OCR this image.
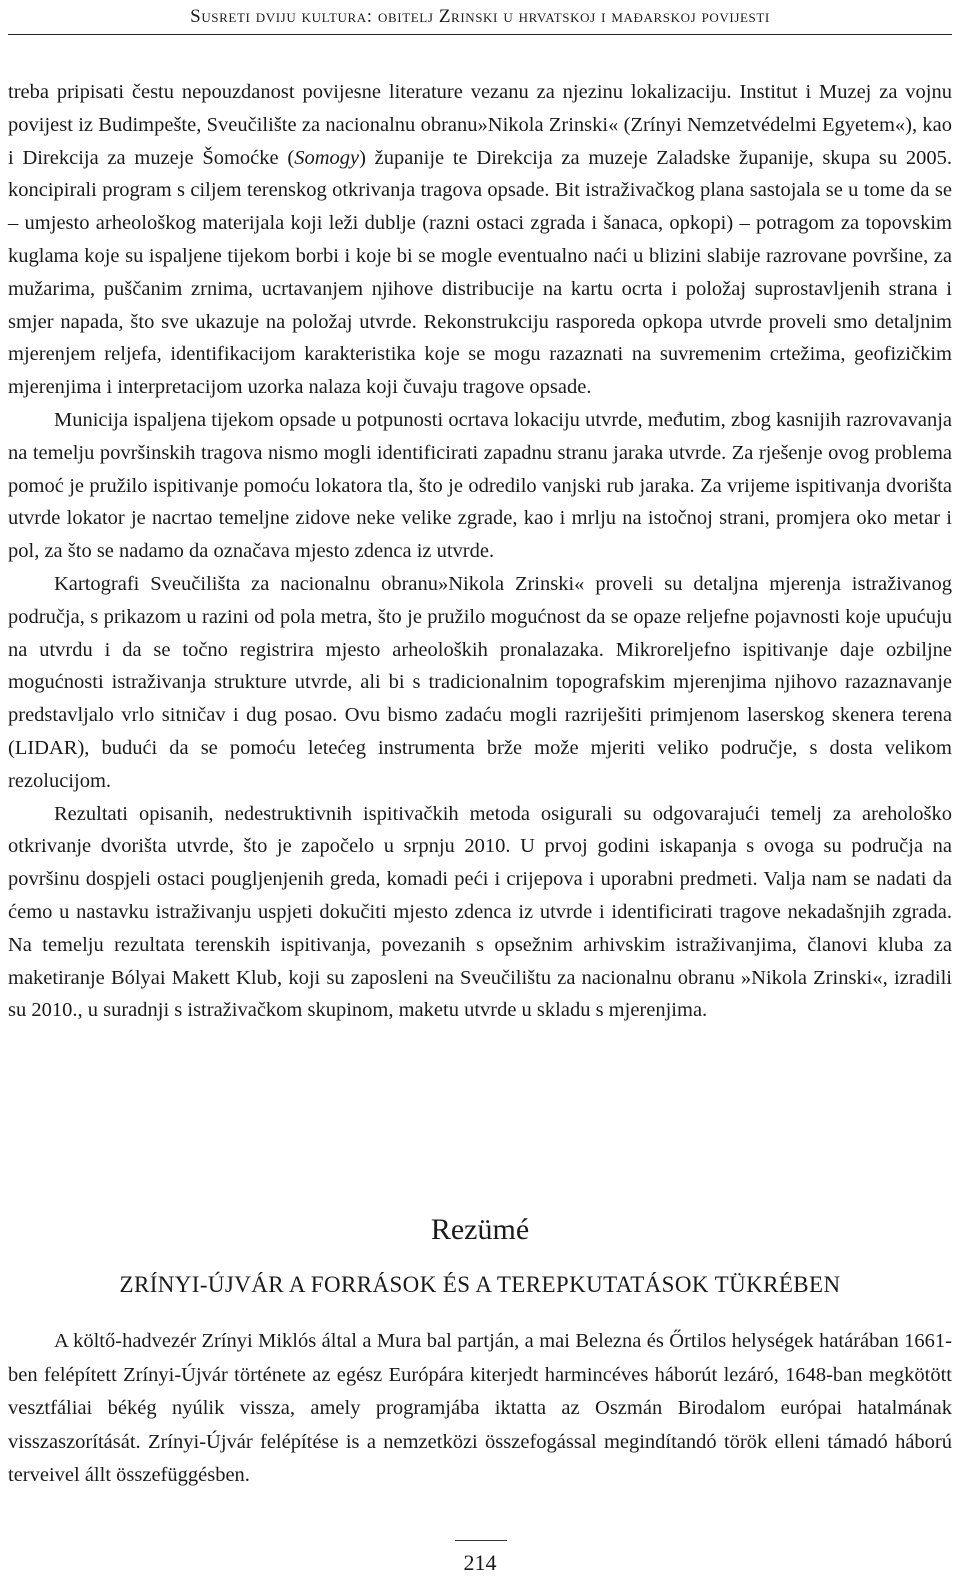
Susreti dviju kultura: obitelj Zrinski u hrvatskoj i mađarskoj povijesti

treba pripisati čestu nepouzdanost povijesne literature vezanu za njezinu lokalizaciju. Institut i Muzej za vojnu povijest iz Budimpešte, Sveučilište za nacionalnu obranu»Nikola Zrinski« (Zrínyi Nemzetvédelmi Egyetem«), kao i Direkcija za muzeje Šomoćke (Somogy) županije te Direkcija za muzeje Zaladske županije, skupa su 2005. koncipirali program s ciljem terenskog otkrivanja tragova opsade. Bit istraživačkog plana sastojala se u tome da se – umjesto arheološkog materijala koji leži dublje (razni ostaci zgrada i šanaca, opkopi) – potragom za topovskim kuglama koje su ispaljene tijekom borbi i koje bi se mogle eventualno naći u blizini slabije razrovane površine, za mužarima, puščanim zrnima, ucrtavanjem njihove distribucije na kartu ocrta i položaj suprostavljenih strana i smjer napada, što sve ukazuje na položaj utvrde. Rekonstrukciju rasporeda opkopa utvrde proveli smo detaljnim mjerenjem reljefa, identifikacijom karakteristika koje se mogu razaznati na suvremenim crtežima, geofizičkim mjerenjima i interpretacijom uzorka nalaza koji čuvaju tragove opsade.

Municija ispaljena tijekom opsade u potpunosti ocrtava lokaciju utvrde, međutim, zbog kasnijih razrovavanja na temelju površinskih tragova nismo mogli identificirati zapadnu stranu jaraka utvrde. Za rješenje ovog problema pomoć je pružilo ispitivanje pomoću lokatora tla, što je odredilo vanjski rub jaraka. Za vrijeme ispitivanja dvorišta utvrde lokator je nacrtao temeljne zidove neke velike zgrade, kao i mrlju na istočnoj strani, promjera oko metar i pol, za što se nadamo da označava mjesto zdenca iz utvrde.

Kartografi Sveučilišta za nacionalnu obranu»Nikola Zrinski« proveli su detaljna mjerenja istraživanog područja, s prikazom u razini od pola metra, što je pružilo mogućnost da se opaze reljefne pojavnosti koje upućuju na utvrdu i da se točno registrira mjesto arheoloških pronalazaka. Mikroreljefno ispitivanje daje ozbiljne mogućnosti istraživanja strukture utvrde, ali bi s tradicionalnim topografskim mjerenjima njihovo razaznavanje predstavljalo vrlo sitničav i dug posao. Ovu bismo zadaću mogli razriješiti primjenom laserskog skenera terena (LIDAR), budući da se pomoću letećeg instrumenta brže može mjeriti veliko područje, s dosta velikom rezolucijom.

Rezultati opisanih, nedestruktivnih ispitivačkih metoda osigurali su odgovarajući temelj za arehološko otkrivanje dvorišta utvrde, što je započelo u srpnju 2010. U prvoj godini iskapanja s ovoga su područja na površinu dospjeli ostaci pougljenjenih greda, komadi peći i crijepova i uporabni predmeti. Valja nam se nadati da ćemo u nastavku istraživanju uspjeti dokučiti mjesto zdenca iz utvrde i identificirati tragove nekadašnjih zgrada. Na temelju rezultata terenskih ispitivanja, povezanih s opsežnim arhivskim istraživanjima, članovi kluba za maketiranje Bólyai Makett Klub, koji su zaposleni na Sveučilištu za nacionalnu obranu »Nikola Zrinski«, izradili su 2010., u suradnji s istraživačkom skupinom, maketu utvrde u skladu s mjerenjima.

Rezümé
ZRÍNYI-ÚJVÁR A FORRÁSOK ÉS A TEREPKUTATÁSOK TÜKRÉBEN

A költő-hadvezér Zrínyi Miklós által a Mura bal partján, a mai Belezna és Őrtilos helységek határában 1661-ben felépített Zrínyi-Újvár története az egész Európára kiterjedt harmincéves háborút lezáró, 1648-ban megkötött vesztfáliai békég nyúlik vissza, amely programjába iktatta az Oszmán Birodalom európai hatalmának visszaszorítását. Zrínyi-Újvár felépítése is a nemzetközi összefogással megindítandó török elleni támadó háború terveivel állt összefüggésben.

214
